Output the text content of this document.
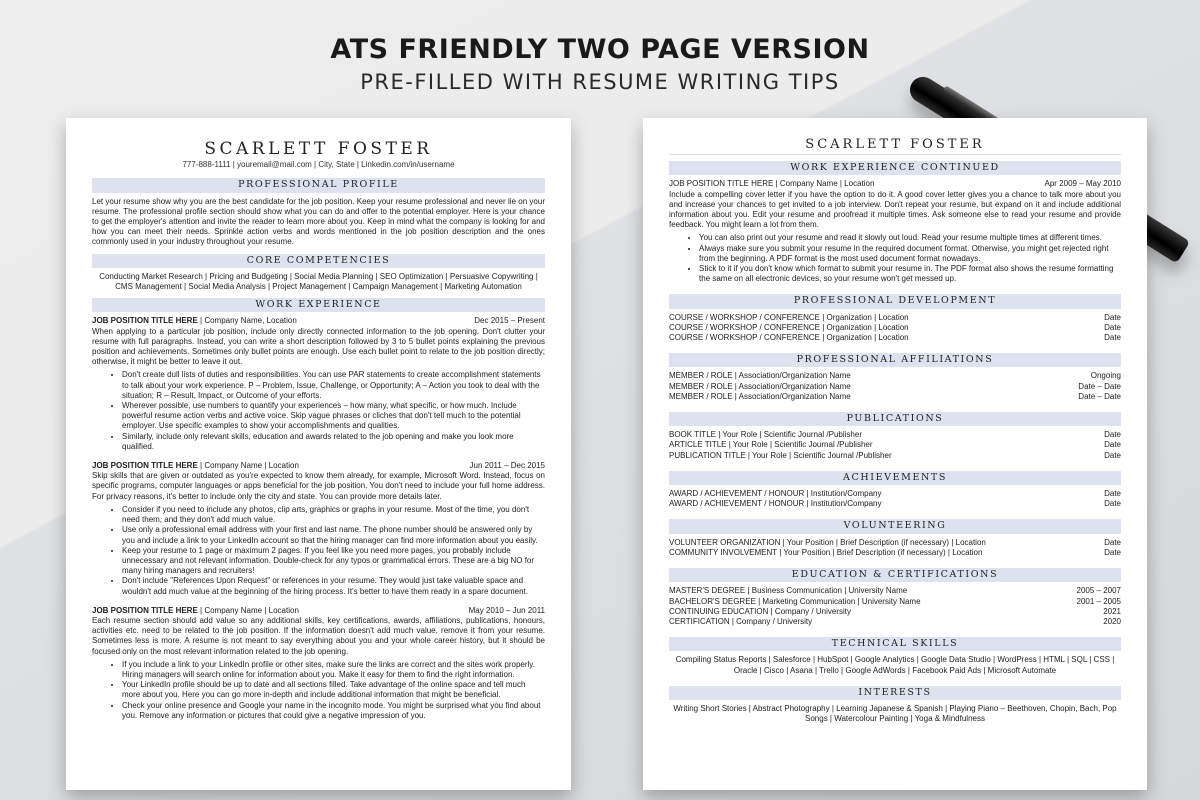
ATS FRIENDLY TWO PAGE VERSION
PRE-FILLED WITH RESUME WRITING TIPS
SCARLETT FOSTER
777-888-1111 | youremail@mail.com | City, State | Linkedin.com/in/username
PROFESSIONAL PROFILE
Let your resume show why you are the best candidate for the job position. Keep your resume professional and never lie on your resume. The professional profile section should show what you can do and offer to the potential employer. Here is your chance to get the employer's attention and invite the reader to learn more about you. Keep in mind what the company is looking for and how you can meet their needs. Sprinkle action verbs and words mentioned in the job position description and the ones commonly used in your industry throughout your resume.
CORE COMPETENCIES
Conducting Market Research | Pricing and Budgeting | Social Media Planning | SEO Optimization | Persuasive Copywriting |
CMS Management | Social Media Analysis | Project Management | Campaign Management | Marketing Automation
WORK EXPERIENCE
JOB POSITION TITLE HERE | Company Name, Location	Dec 2015 – Present
When applying to a particular job position, include only directly connected information to the job opening. Don't clutter your resume with full paragraphs. Instead, you can write a short description followed by 3 to 5 bullet points explaining the previous position and achievements. Sometimes only bullet points are enough. Use each bullet point to relate to the job position directly; otherwise, it might be better to leave it out.
• Don't create dull lists of duties and responsibilities. You can use PAR statements to create accomplishment statements to talk about your work experience. P – Problem, Issue, Challenge, or Opportunity; A – Action you took to deal with the situation; R – Result, Impact, or Outcome of your efforts.
• Wherever possible, use numbers to quantify your experiences – how many, what specific, or how much. Include powerful resume action verbs and active voice. Skip vague phrases or cliches that don't tell much to the potential employer. Use specific examples to show your accomplishments and qualities.
• Similarly, include only relevant skills, education and awards related to the job opening and make you look more qualified.
JOB POSITION TITLE HERE | Company Name | Location	Jun 2011 – Dec 2015
Skip skills that are given or outdated as you're expected to know them already, for example, Microsoft Word. Instead, focus on specific programs, computer languages or apps beneficial for the job position. You don't need to include your full home address. For privacy reasons, it's better to include only the city and state. You can provide more details later.
• Consider if you need to include any photos, clip arts, graphics or graphs in your resume. Most of the time, you don't need them, and they don't add much value.
• Use only a professional email address with your first and last name. The phone number should be answered only by you and include a link to your LinkedIn account so that the hiring manager can find more information about you easily.
• Keep your resume to 1 page or maximum 2 pages. If you feel like you need more pages, you probably include unnecessary and not relevant information. Double-check for any typos or grammatical errors. These are a big NO for many hiring managers and recruiters!
• Don't include "References Upon Request" or references in your resume. They would just take valuable space and wouldn't add much value at the beginning of the hiring process. It's better to have them ready in a spare document.
JOB POSITION TITLE HERE | Company Name | Location	May 2010 – Jun 2011
Each resume section should add value so any additional skills, key certifications, awards, affiliations, publications, honours, activities etc. need to be related to the job position. If the information doesn't add much value, remove it from your resume. Sometimes less is more. A resume is not meant to say everything about you and your whole career history, but it should be focused only on the most relevant information related to the job opening.
• If you include a link to your LinkedIn profile or other sites, make sure the links are correct and the sites work properly. Hiring managers will search online for information about you. Make it easy for them to find the right information.
• Your LinkedIn profile should be up to date and all sections filled. Take advantage of the online space and tell much more about you. Here you can go more in-depth and include additional information that might be beneficial.
• Check your online presence and Google your name in the incognito mode. You might be surprised what you find about you. Remove any information or pictures that could give a negative impression of you.
SCARLETT FOSTER
WORK EXPERIENCE CONTINUED
JOB POSITION TITLE HERE | Company Name | Location	Apr 2009 – May 2010
Include a compelling cover letter if you have the option to do it. A good cover letter gives you a chance to talk more about you and increase your chances to get invited to a job interview. Don't repeat your resume, but expand on it and include additional information about you. Edit your resume and proofread it multiple times. Ask someone else to read your resume and provide feedback. You might learn a lot from them.
• You can also print out your resume and read it slowly out loud. Read your resume multiple times at different times.
• Always make sure you submit your resume in the required document format. Otherwise, you might get rejected right from the beginning. A PDF format is the most used document format nowadays.
• Stick to it if you don't know which format to submit your resume in. The PDF format also shows the resume formatting the same on all electronic devices, so your resume won't get messed up.
PROFESSIONAL DEVELOPMENT
COURSE / WORKSHOP / CONFERENCE | Organization | Location	Date
COURSE / WORKSHOP / CONFERENCE | Organization | Location	Date
COURSE / WORKSHOP / CONFERENCE | Organization | Location	Date
PROFESSIONAL AFFILIATIONS
MEMBER / ROLE | Association/Organization Name	Ongoing
MEMBER / ROLE | Association/Organization Name	Date – Date
MEMBER / ROLE | Association/Organization Name	Date – Date
PUBLICATIONS
BOOK TITLE | Your Role | Scientific Journal /Publisher	Date
ARTICLE TITLE | Your Role | Scientific Journal /Publisher	Date
PUBLICATION TITLE | Your Role | Scientific Journal /Publisher	Date
ACHIEVEMENTS
AWARD / ACHIEVEMENT / HONOUR | Institution/Company	Date
AWARD / ACHIEVEMENT / HONOUR | Institution/Company	Date
VOLUNTEERING
VOLUNTEER ORGANIZATION | Your Position | Brief Description (if necessary) | Location	Date
COMMUNITY INVOLVEMENT | Your Position | Brief Description (if necessary) | Location	Date
EDUCATION & CERTIFICATIONS
MASTER'S DEGREE | Business Communication | University Name	2005 – 2007
BACHELOR'S DEGREE | Marketing Communication | University Name	2001 – 2005
CONTINUING EDUCATION | Company / University	2021
CERTIFICATION | Company / University	2020
TECHNICAL SKILLS
Compiling Status Reports | Salesforce | HubSpot | Google Analytics | Google Data Studio | WordPress | HTML | SQL | CSS |
Oracle | Cisco | Asana | Trello | Google AdWords | Facebook Paid Ads | Microsoft Automate
INTERESTS
Writing Short Stories | Abstract Photography | Learning Japanese & Spanish | Playing Piano – Beethoven, Chopin, Bach, Pop
Songs | Watercolour Painting | Yoga & Mindfulness
